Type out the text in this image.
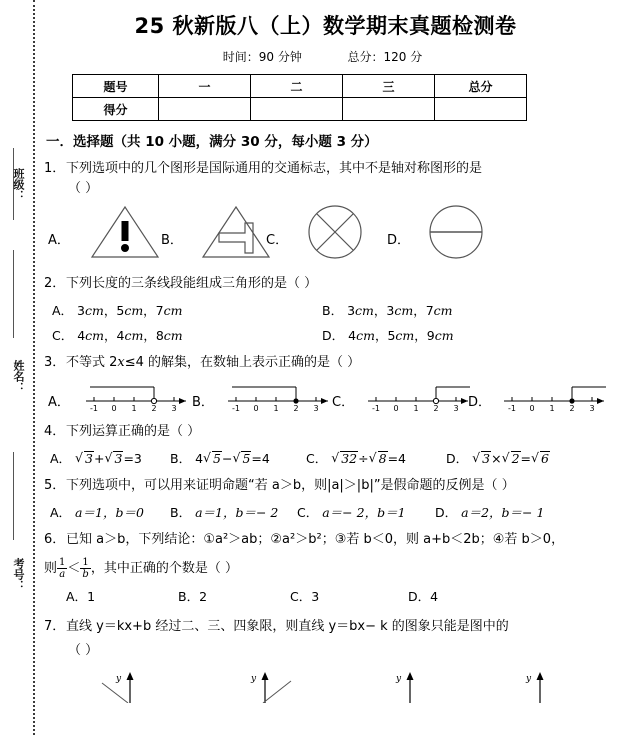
班级：
姓名：
考号：
25 秋新版八（上）数学期末真题检测卷
时间：90 分钟	总分：120 分
题号	一	二	三	总分
得分				
一．选择题（共 10 小题，满分 30 分，每小题 3 分）
1．下列选项中的几个图形是国际通用的交通标志，其中不是轴对称图形的是
（ ）
A．	B．	C．	D．
2．下列长度的三条线段能组成三角形的是（ ）
A． 3cm，5cm，7cm	B． 3cm，3cm，7cm
C． 4cm，4cm，8cm	D． 4cm，5cm，9cm
3．不等式 2x≤4 的解集，在数轴上表示正确的是（ ）
A．	-1 0 1 2 3 B． -1 0 1 2 3 C． -1 0 1 2 3 D． -1 0 1 2 3
4．下列运算正确的是（ ）
A． √ 3+ √ 3=3	B． 4 √ 5− √ 5=4	C． √ 32÷ √ 8=4	D． √ 3× √ 2= √ 6
5．下列选项中，可以用来证明命题“若 a＞b，则|a|＞|b|”是假命题的反例是（ ）
A． a＝1，b＝0	B． a＝1，b＝− 2	C． a＝− 2，b＝1	D． a＝2，b＝− 1
6．已知 a＞b，下列结论：①a²＞ab；②a²＞b²；③若 b＜0，则 a+b＜2b；④若 b＞0，
则 $\frac{1}{a} < \frac{1}{b}$ ，其中正确的个数是（ ）
A．1	B．2	C．3	D．4
7．直线 y＝kx+b 经过二、三、四象限，则直线 y＝bx− k 的图象只能是图中的
（ ）
y	y	y	y
